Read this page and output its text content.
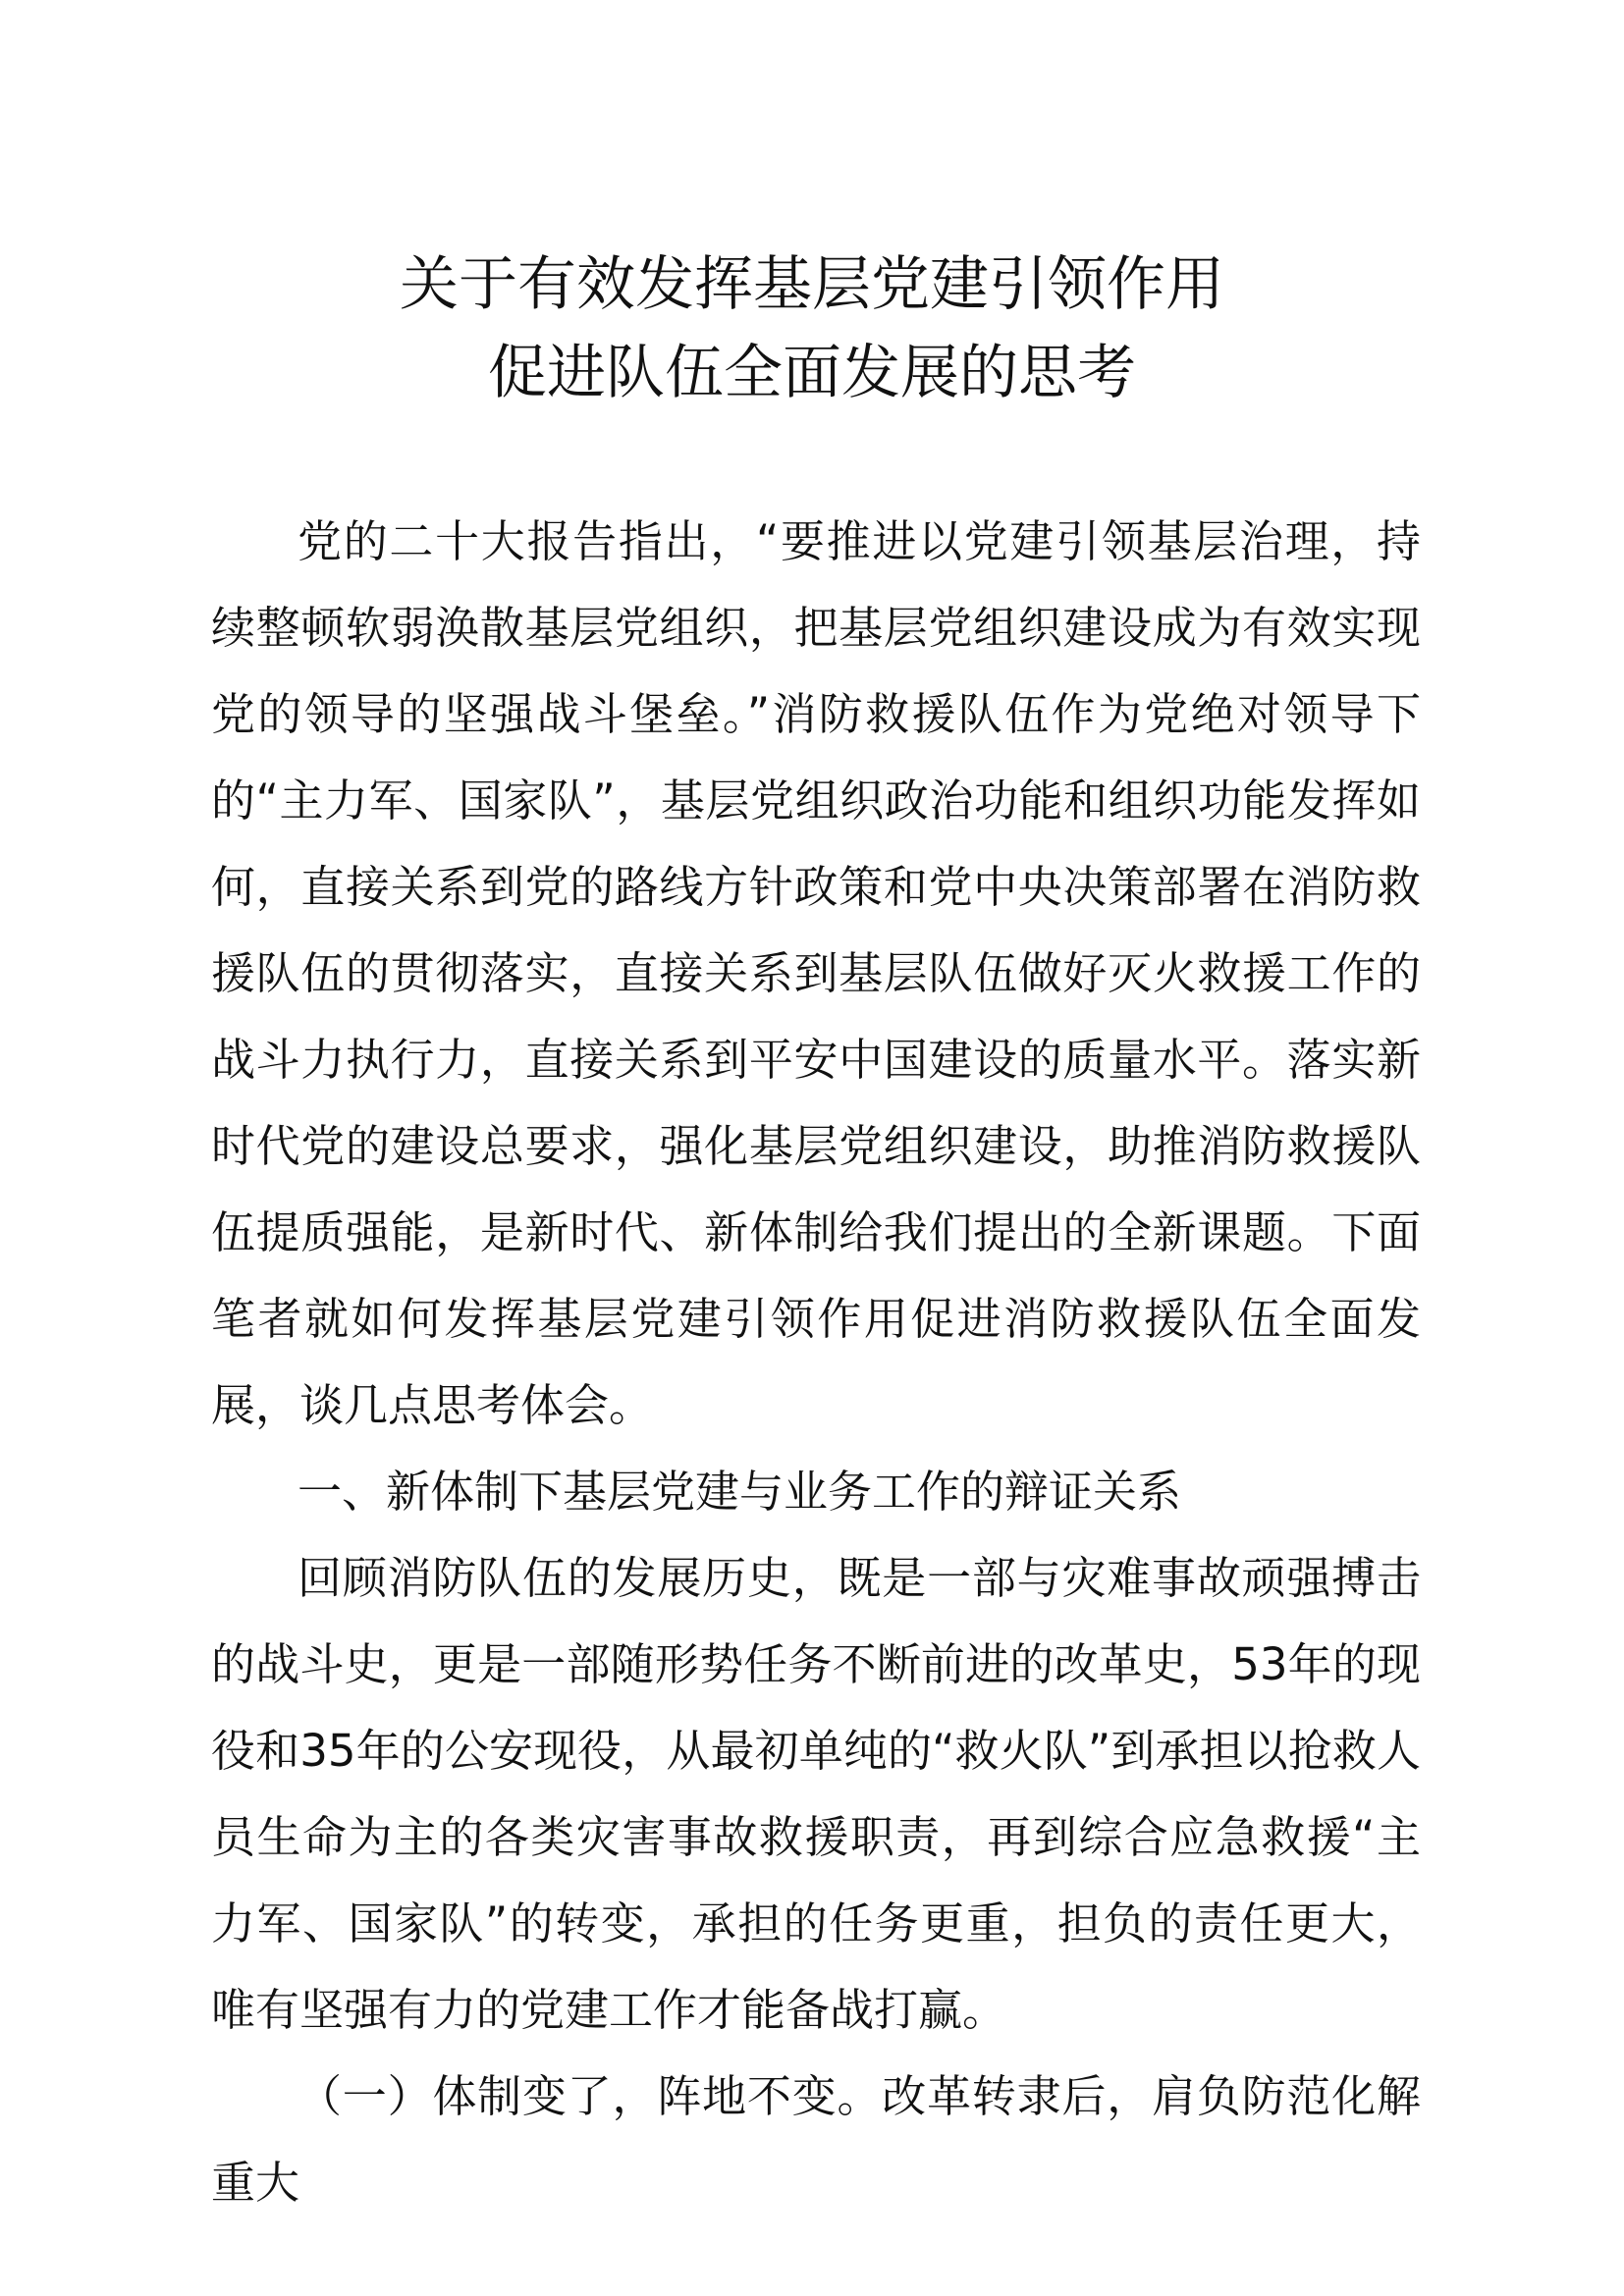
关于有效发挥基层党建引领作用
促进队伍全面发展的思考

党的二十大报告指出，“要推进以党建引领基层治理，持续整顿软弱涣散基层党组织，把基层党组织建设成为有效实现党的领导的坚强战斗堡垒。”消防救援队伍作为党绝对领导下的“主力军、国家队”，基层党组织政治功能和组织功能发挥如何，直接关系到党的路线方针政策和党中央决策部署在消防救援队伍的贯彻落实，直接关系到基层队伍做好灭火救援工作的战斗力执行力，直接关系到平安中国建设的质量水平。落实新时代党的建设总要求，强化基层党组织建设，助推消防救援队伍提质强能，是新时代、新体制给我们提出的全新课题。下面笔者就如何发挥基层党建引领作用促进消防救援队伍全面发展，谈几点思考体会。

一、新体制下基层党建与业务工作的辩证关系

回顾消防队伍的发展历史，既是一部与灾难事故顽强搏击的战斗史，更是一部随形势任务不断前进的改革史，53年的现役和35年的公安现役，从最初单纯的“救火队”到承担以抢救人员生命为主的各类灾害事故救援职责，再到综合应急救援“主力军、国家队”的转变，承担的任务更重，担负的责任更大，唯有坚强有力的党建工作才能备战打赢。

（一）体制变了，阵地不变。改革转隶后，肩负防范化解重大
